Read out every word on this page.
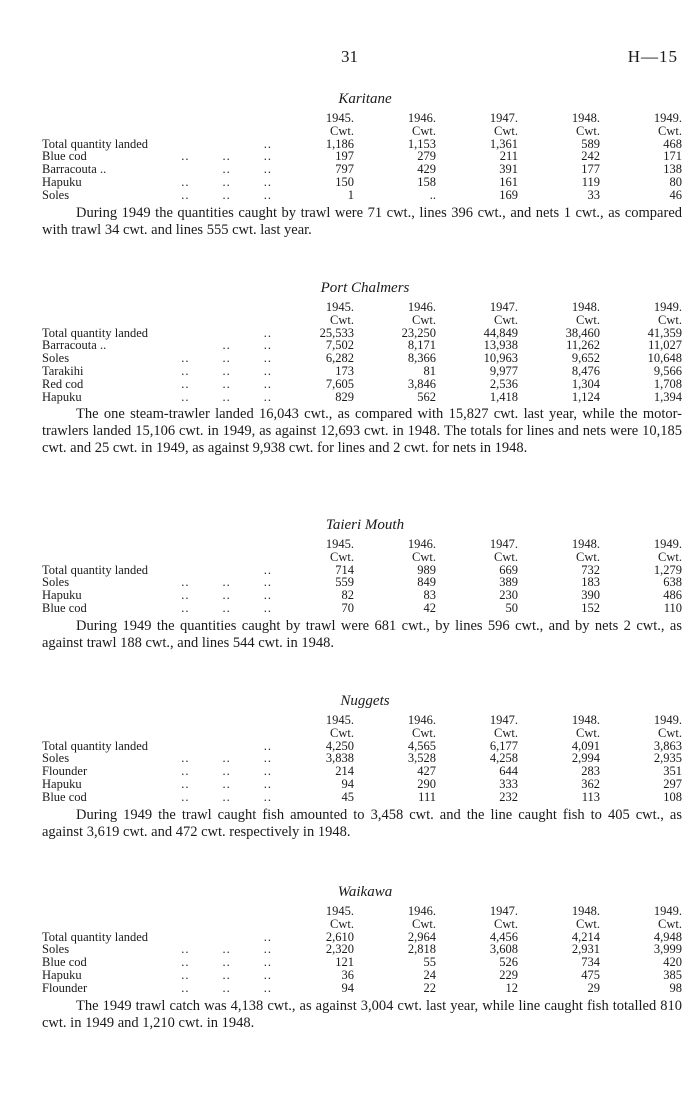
31	H—15
Karitane
		1945.	1946.	1947.	1948.	1949.
		Cwt.	Cwt.	Cwt.	Cwt.	Cwt.
Total quantity landed	..	1,186	1,153	1,361	589	468
Blue cod	..        ..        ..	197	279	211	242	171
Barracouta ..	..        ..	797	429	391	177	138
Hapuku	..        ..        ..	150	158	161	119	80
Soles	..        ..        ..	1	..	169	33	46

During 1949 the quantities caught by trawl were 71 cwt., lines 396 cwt., and nets 1 cwt., as compared with trawl 34 cwt. and lines 555 cwt. last year.

Port Chalmers
		1945.	1946.	1947.	1948.	1949.
		Cwt.	Cwt.	Cwt.	Cwt.	Cwt.
Total quantity landed	..	25,533	23,250	44,849	38,460	41,359
Barracouta ..	..        ..	7,502	8,171	13,938	11,262	11,027
Soles	..        ..        ..	6,282	8,366	10,963	9,652	10,648
Tarakihi	..        ..        ..	173	81	9,977	8,476	9,566
Red cod	..        ..        ..	7,605	3,846	2,536	1,304	1,708
Hapuku	..        ..        ..	829	562	1,418	1,124	1,394

The one steam-trawler landed 16,043 cwt., as compared with 15,827 cwt. last year, while the motor-trawlers landed 15,106 cwt. in 1949, as against 12,693 cwt. in 1948. The totals for lines and nets were 10,185 cwt. and 25 cwt. in 1949, as against 9,938 cwt. for lines and 2 cwt. for nets in 1948.

Taieri Mouth
		1945.	1946.	1947.	1948.	1949.
		Cwt.	Cwt.	Cwt.	Cwt.	Cwt.
Total quantity landed	..	714	989	669	732	1,279
Soles	..        ..        ..	559	849	389	183	638
Hapuku	..        ..        ..	82	83	230	390	486
Blue cod	..        ..        ..	70	42	50	152	110

During 1949 the quantities caught by trawl were 681 cwt., by lines 596 cwt., and by nets 2 cwt., as against trawl 188 cwt., and lines 544 cwt. in 1948.

Nuggets
		1945.	1946.	1947.	1948.	1949.
		Cwt.	Cwt.	Cwt.	Cwt.	Cwt.
Total quantity landed	..	4,250	4,565	6,177	4,091	3,863
Soles	..        ..        ..	3,838	3,528	4,258	2,994	2,935
Flounder	..        ..        ..	214	427	644	283	351
Hapuku	..        ..        ..	94	290	333	362	297
Blue cod	..        ..        ..	45	111	232	113	108

During 1949 the trawl caught fish amounted to 3,458 cwt. and the line caught fish to 405 cwt., as against 3,619 cwt. and 472 cwt. respectively in 1948.

Waikawa
		1945.	1946.	1947.	1948.	1949.
		Cwt.	Cwt.	Cwt.	Cwt.	Cwt.
Total quantity landed	..	2,610	2,964	4,456	4,214	4,948
Soles	..        ..        ..	2,320	2,818	3,608	2,931	3,999
Blue cod	..        ..        ..	121	55	526	734	420
Hapuku	..        ..        ..	36	24	229	475	385
Flounder	..        ..        ..	94	22	12	29	98

The 1949 trawl catch was 4,138 cwt., as against 3,004 cwt. last year, while line caught fish totalled 810 cwt. in 1949 and 1,210 cwt. in 1948.
